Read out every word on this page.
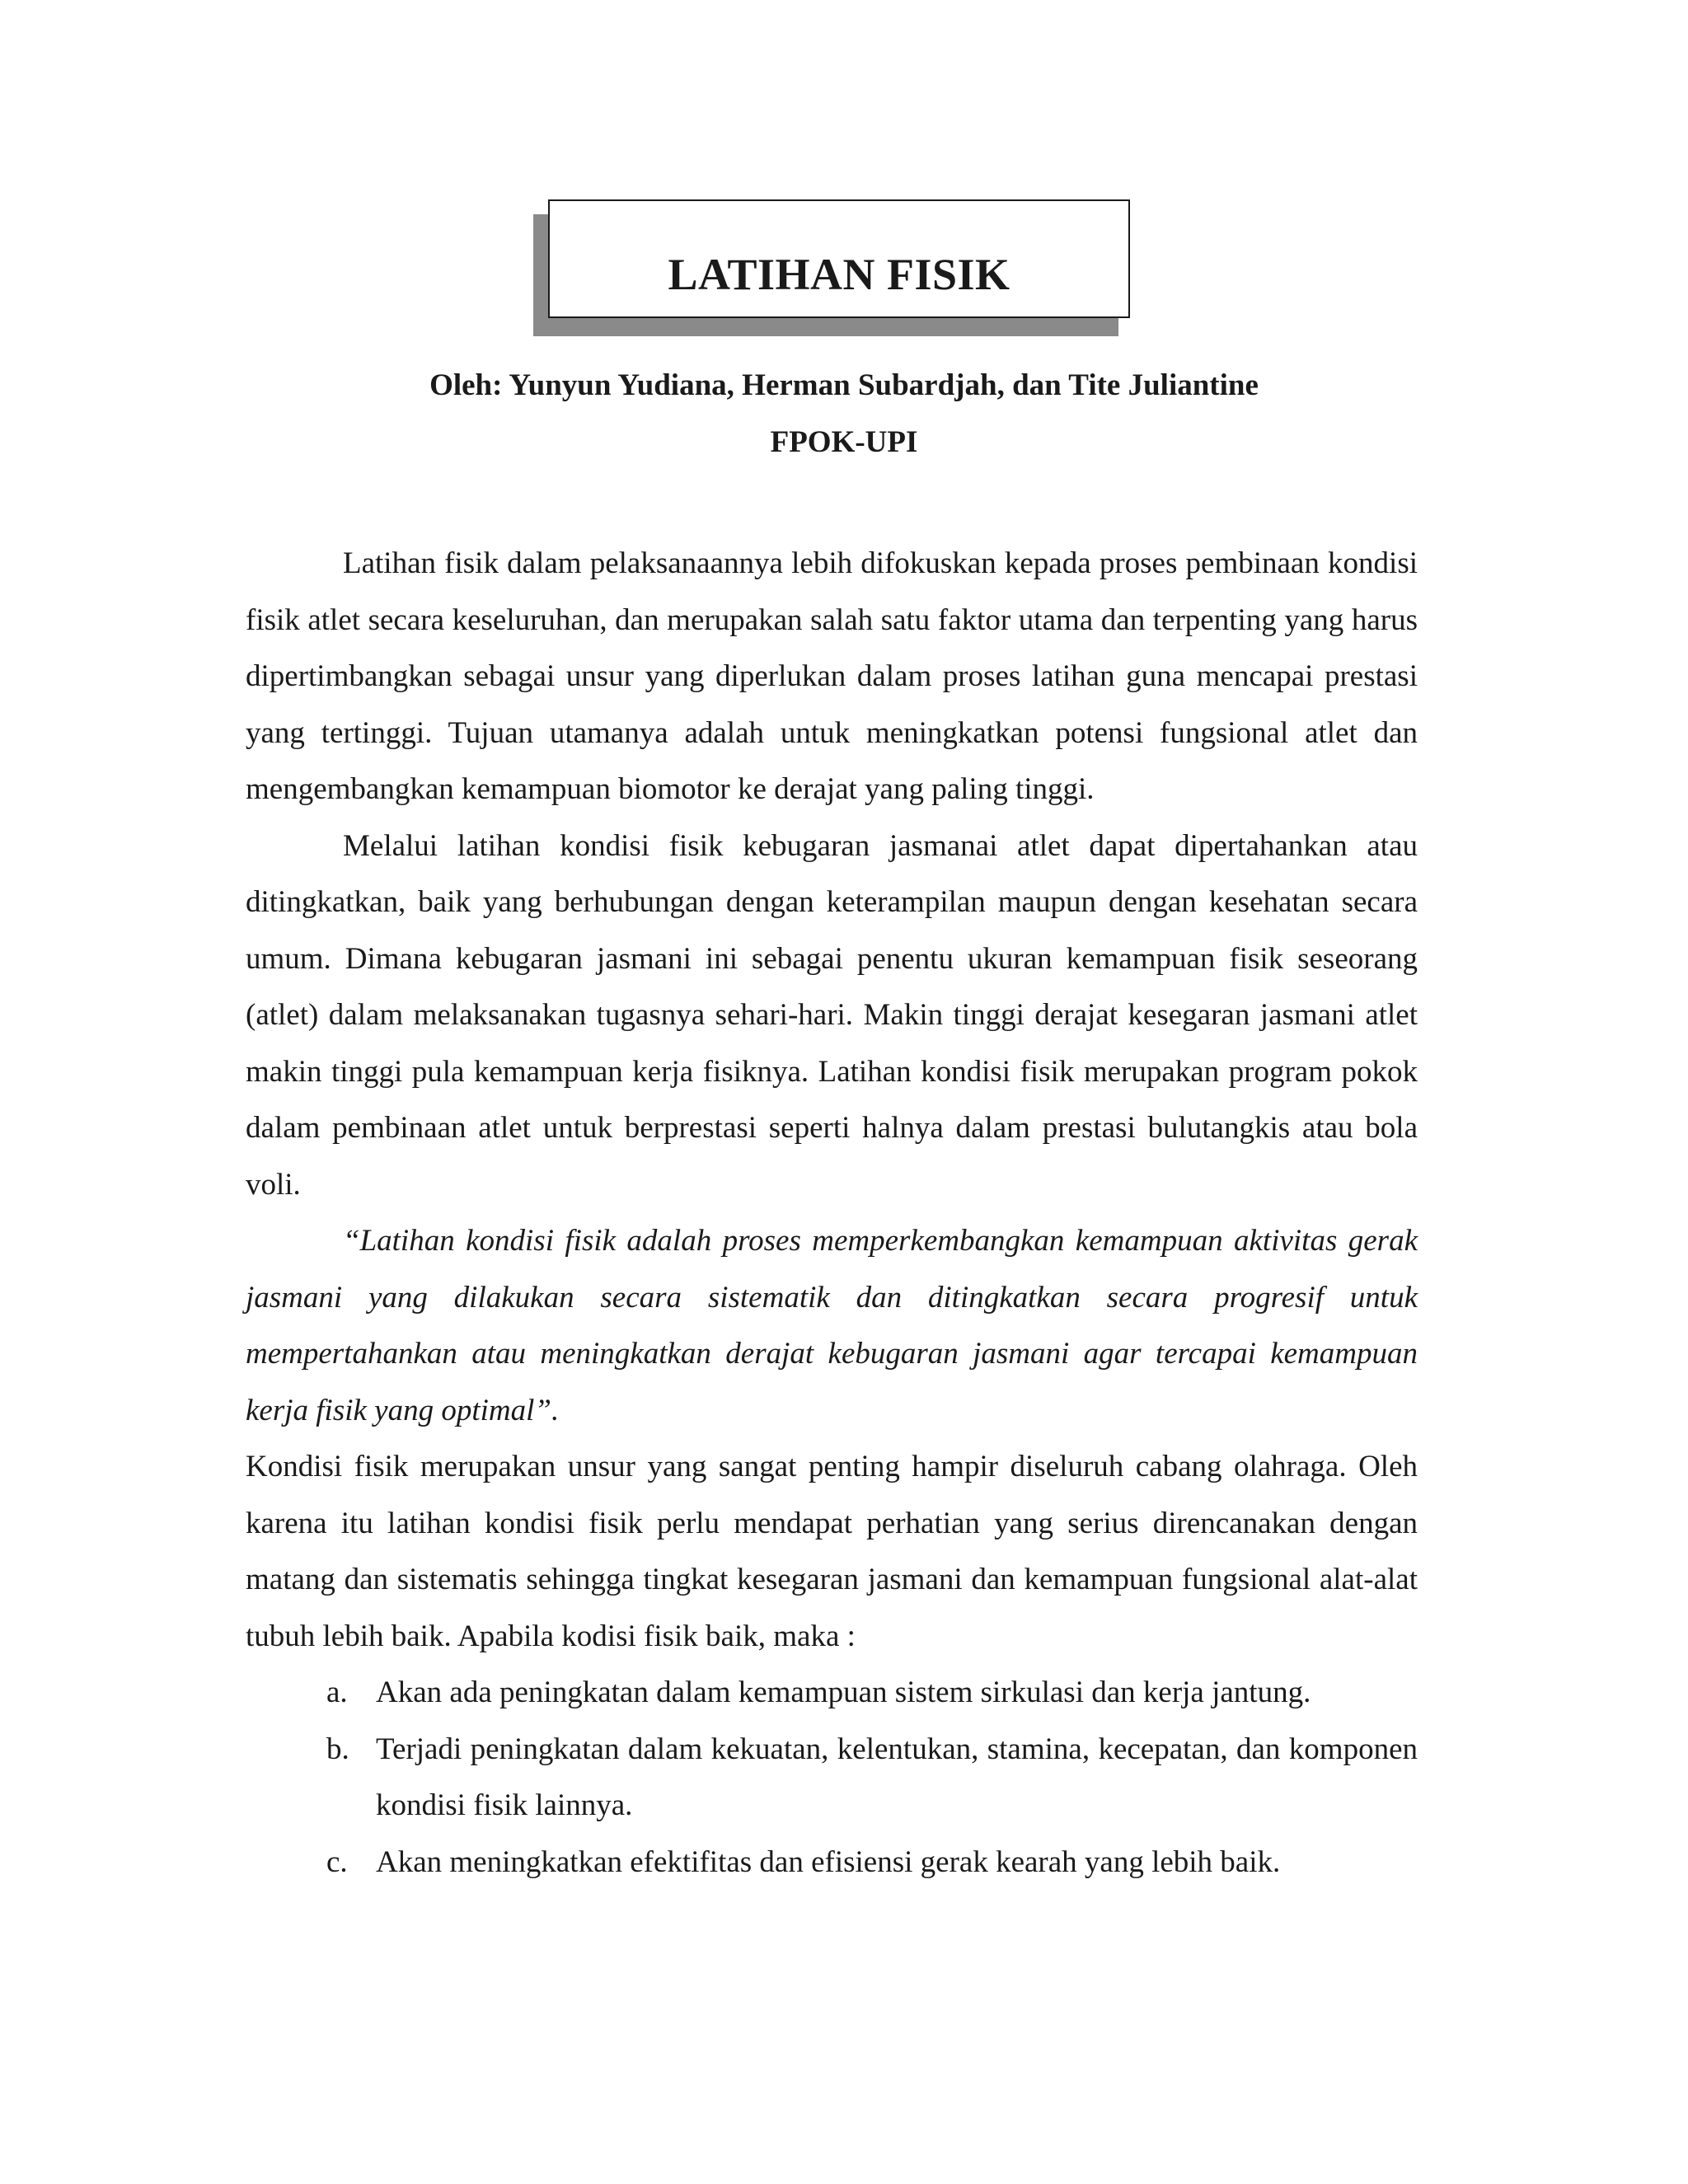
LATIHAN FISIK
Oleh: Yunyun Yudiana, Herman Subardjah, dan Tite Juliantine
FPOK-UPI

Latihan fisik dalam pelaksanaannya lebih difokuskan kepada proses pembinaan kondisi fisik atlet secara keseluruhan, dan merupakan salah satu faktor utama dan terpenting yang harus dipertimbangkan sebagai unsur yang diperlukan dalam proses latihan guna mencapai prestasi yang tertinggi. Tujuan utamanya adalah untuk meningkatkan potensi fungsional atlet dan mengembangkan kemampuan biomotor ke derajat yang paling tinggi.

Melalui latihan kondisi fisik kebugaran jasmanai atlet dapat dipertahankan atau ditingkatkan, baik yang berhubungan dengan keterampilan maupun dengan kesehatan secara umum. Dimana kebugaran jasmani ini sebagai penentu ukuran kemampuan fisik seseorang (atlet) dalam melaksanakan tugasnya sehari-hari. Makin tinggi derajat kesegaran jasmani atlet makin tinggi pula kemampuan kerja fisiknya. Latihan kondisi fisik merupakan program pokok dalam pembinaan atlet untuk berprestasi seperti halnya dalam prestasi bulutangkis atau bola voli.

“Latihan kondisi fisik adalah proses memperkembangkan kemampuan aktivitas gerak jasmani yang dilakukan secara sistematik dan ditingkatkan secara progresif untuk mempertahankan atau meningkatkan derajat kebugaran jasmani agar tercapai kemampuan kerja fisik yang optimal”.

Kondisi fisik merupakan unsur yang sangat penting hampir diseluruh cabang olahraga. Oleh karena itu latihan kondisi fisik perlu mendapat perhatian yang serius direncanakan dengan matang dan sistematis sehingga tingkat kesegaran jasmani dan kemampuan fungsional alat-alat tubuh lebih baik. Apabila kodisi fisik baik, maka :

a. Akan ada peningkatan dalam kemampuan sistem sirkulasi dan kerja jantung.
b. Terjadi peningkatan dalam kekuatan, kelentukan, stamina, kecepatan, dan komponen kondisi fisik lainnya.
c. Akan meningkatkan efektifitas dan efisiensi gerak kearah yang lebih baik.
